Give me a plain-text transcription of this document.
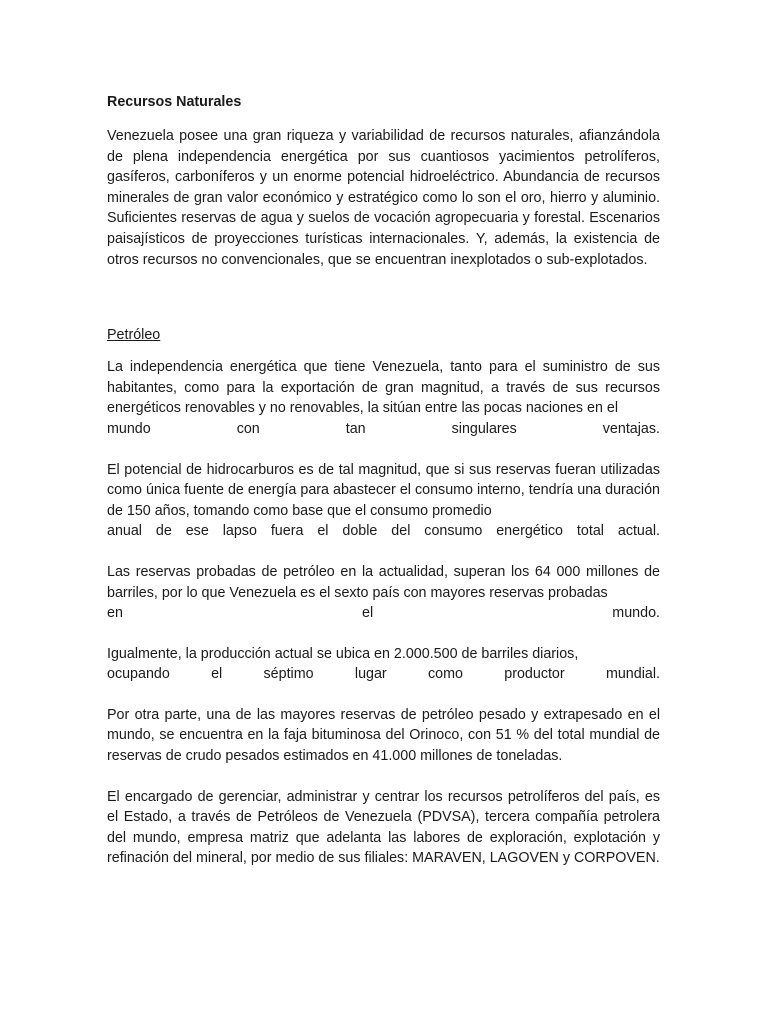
Recursos Naturales

Venezuela posee una gran riqueza y variabilidad de recursos naturales, afianzándola de plena independencia energética por sus cuantiosos yacimientos petrolíferos, gasíferos, carboníferos y un enorme potencial hidroeléctrico. Abundancia de recursos minerales de gran valor económico y estratégico como lo son el oro, hierro y aluminio. Suficientes reservas de agua y suelos de vocación agropecuaria y forestal. Escenarios paisajísticos de proyecciones turísticas internacionales. Y, además, la existencia de otros recursos no convencionales, que se encuentran inexplotados o sub-explotados.

Petróleo

La independencia energética que tiene Venezuela, tanto para el suministro de sus habitantes, como para la exportación de gran magnitud, a través de sus recursos energéticos renovables y no renovables, la sitúan entre las pocas naciones en el
mundo con tan singulares ventajas.

El potencial de hidrocarburos es de tal magnitud, que si sus reservas fueran utilizadas como única fuente de energía para abastecer el consumo interno, tendría una duración de 150 años, tomando como base que el consumo promedio
anual de ese lapso fuera el doble del consumo energético total actual.

Las reservas probadas de petróleo en la actualidad, superan los 64 000 millones de barriles, por lo que Venezuela es el sexto país con mayores reservas probadas
en el mundo.

Igualmente, la producción actual se ubica en 2.000.500 de barriles diarios,
ocupando el séptimo lugar como productor mundial.

Por otra parte, una de las mayores reservas de petróleo pesado y extrapesado en el mundo, se encuentra en la faja bituminosa del Orinoco, con 51 % del total mundial de reservas de crudo pesados estimados en 41.000 millones de toneladas.

El encargado de gerenciar, administrar y centrar los recursos petrolíferos del país, es el Estado, a través de Petróleos de Venezuela (PDVSA), tercera compañía petrolera del mundo, empresa matriz que adelanta las labores de exploración, explotación y refinación del mineral, por medio de sus filiales: MARAVEN, LAGOVEN y CORPOVEN.
